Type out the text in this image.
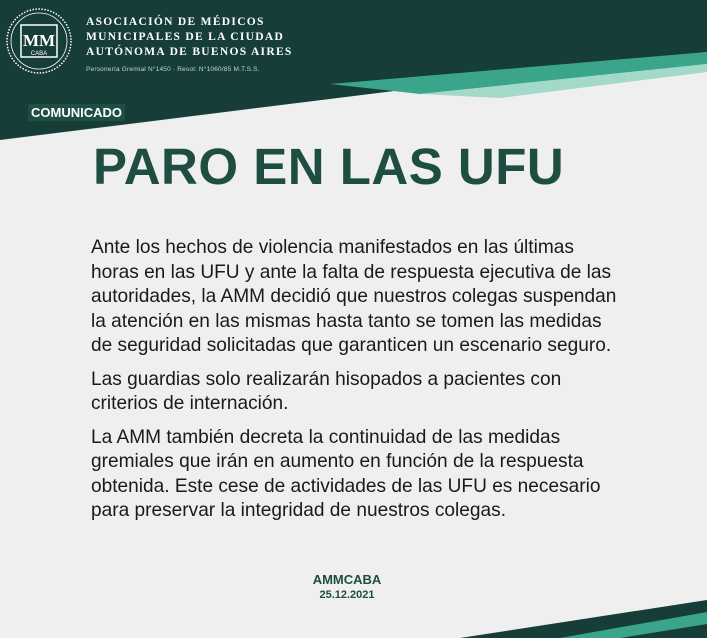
MM
CABA
ASOCIACIÓN DE MÉDICOS
MUNICIPALES DE LA CIUDAD
AUTÓNOMA DE BUENOS AIRES
Personería Gremial N°1450 · Resol: N°1060/85 M.T.S.S.
COMUNICADO
PARO EN LAS UFU

Ante los hechos de violencia manifestados en las últimas horas en las UFU y ante la falta de respuesta ejecutiva de las autoridades, la AMM decidió que nuestros colegas suspendan la atención en las mismas hasta tanto se tomen las medidas de seguridad solicitadas que garanticen un escenario seguro.

Las guardias solo realizarán hisopados a pacientes con criterios de internación.

La AMM también decreta la continuidad de las medidas gremiales que irán en aumento en función de la respuesta obtenida. Este cese de actividades de las UFU es necesario para preservar la integridad de nuestros colegas.

AMMCABA
25.12.2021
